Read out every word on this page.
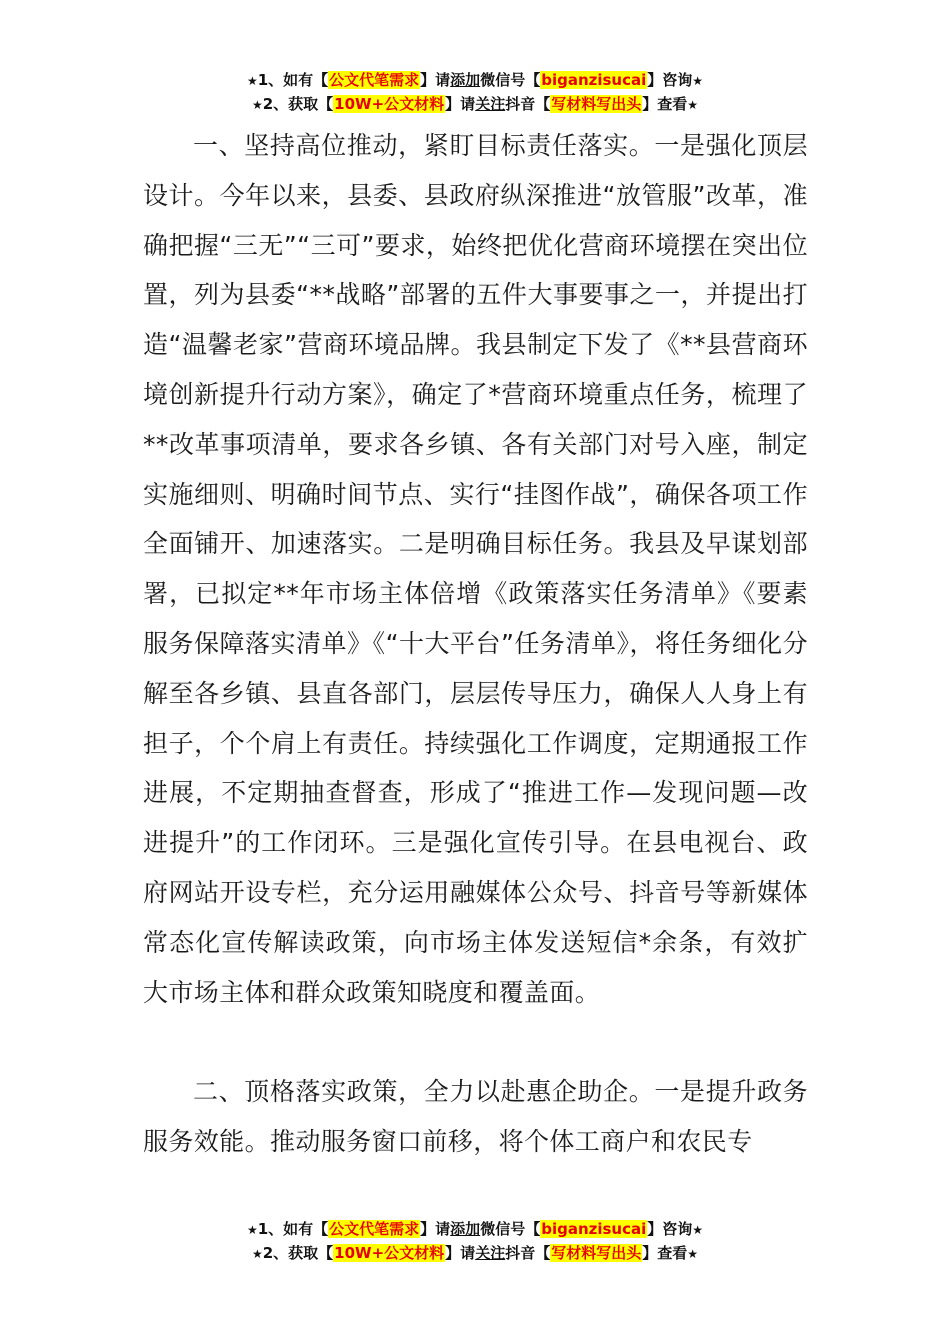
★1、如有【公文代笔需求】请添加微信号【biganzisucai】咨询★
★2、获取【10W+公文材料】请关注抖音【写材料写出头】查看★

一、坚持高位推动，紧盯目标责任落实。一是强化顶层设计。今年以来，县委、县政府纵深推进“放管服”改革，准确把握“三无”“三可”要求，始终把优化营商环境摆在突出位置，列为县委“**战略”部署的五件大事要事之一，并提出打造“温馨老家”营商环境品牌。我县制定下发了《**县营商环境创新提升行动方案》，确定了*营商环境重点任务，梳理了**改革事项清单，要求各乡镇、各有关部门对号入座，制定实施细则、明确时间节点、实行“挂图作战”，确保各项工作全面铺开、加速落实。二是明确目标任务。我县及早谋划部署，已拟定**年市场主体倍增《政策落实任务清单》《要素服务保障落实清单》《“十大平台”任务清单》，将任务细化分解至各乡镇、县直各部门，层层传导压力，确保人人身上有担子，个个肩上有责任。持续强化工作调度，定期通报工作进展，不定期抽查督查，形成了“推进工作—发现问题—改进提升”的工作闭环。三是强化宣传引导。在县电视台、政府网站开设专栏，充分运用融媒体公众号、抖音号等新媒体常态化宣传解读政策，向市场主体发送短信*余条，有效扩大市场主体和群众政策知晓度和覆盖面。

二、顶格落实政策，全力以赴惠企助企。一是提升政务服务效能。推动服务窗口前移，将个体工商户和农民专

★1、如有【公文代笔需求】请添加微信号【biganzisucai】咨询★
★2、获取【10W+公文材料】请关注抖音【写材料写出头】查看★
